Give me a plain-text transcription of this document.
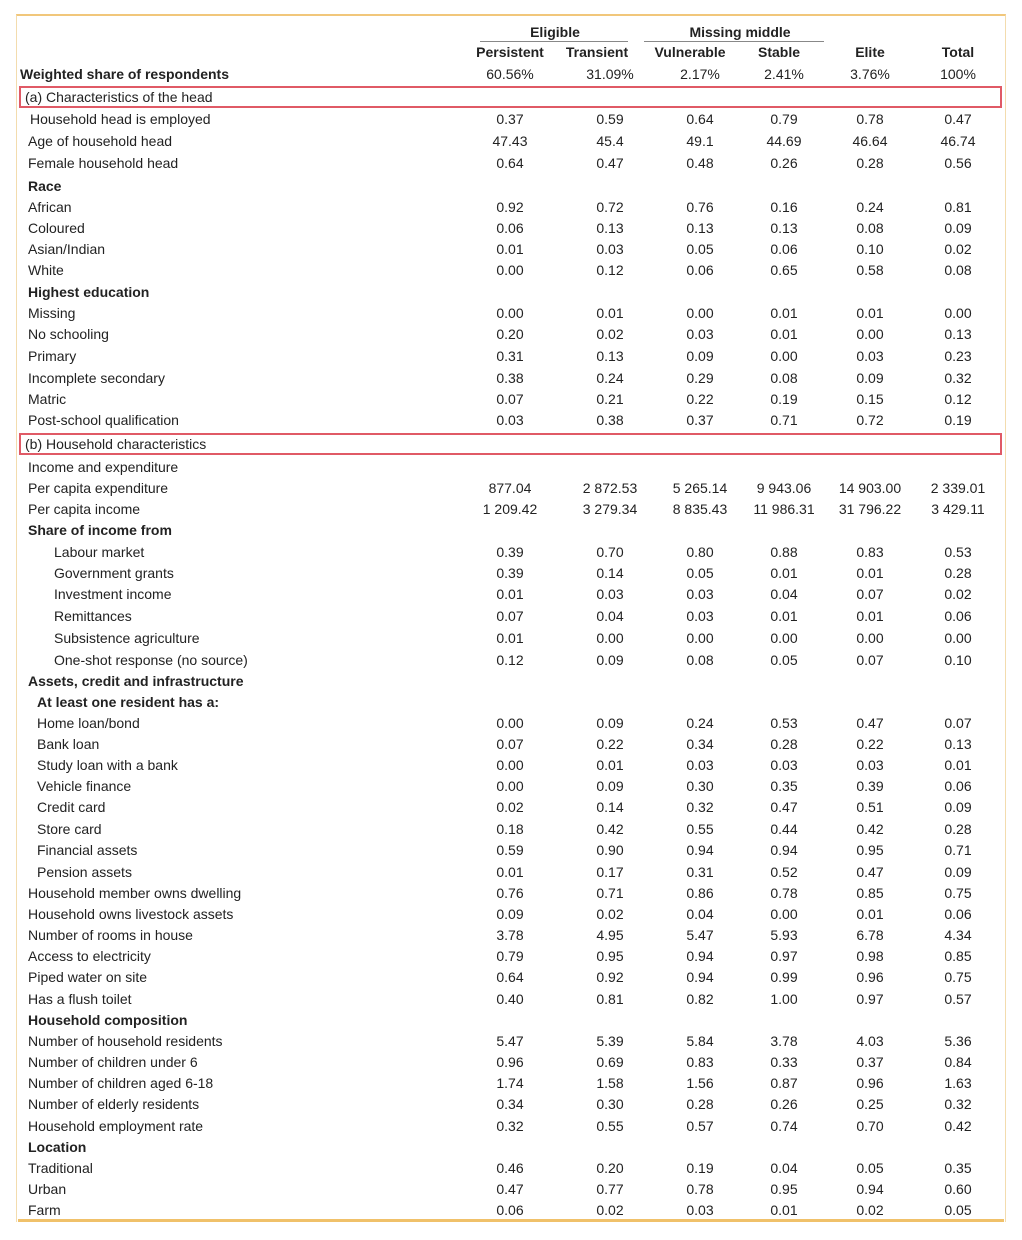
Eligible	Missing middle
Persistent	Transient	Vulnerable	Stable	Elite	Total
Weighted share of respondents	60.56%	31.09%	2.17%	2.41%	3.76%	100%
(a) Characteristics of the head
Household head is employed	0.37	0.59	0.64	0.79	0.78	0.47
Age of household head	47.43	45.4	49.1	44.69	46.64	46.74
Female household head	0.64	0.47	0.48	0.26	0.28	0.56
Race
African	0.92	0.72	0.76	0.16	0.24	0.81
Coloured	0.06	0.13	0.13	0.13	0.08	0.09
Asian/Indian	0.01	0.03	0.05	0.06	0.10	0.02
White	0.00	0.12	0.06	0.65	0.58	0.08
Highest education
Missing	0.00	0.01	0.00	0.01	0.01	0.00
No schooling	0.20	0.02	0.03	0.01	0.00	0.13
Primary	0.31	0.13	0.09	0.00	0.03	0.23
Incomplete secondary	0.38	0.24	0.29	0.08	0.09	0.32
Matric	0.07	0.21	0.22	0.19	0.15	0.12
Post-school qualification	0.03	0.38	0.37	0.71	0.72	0.19
(b) Household characteristics
Income and expenditure
Per capita expenditure	877.04	2 872.53	5 265.14	9 943.06	14 903.00	2 339.01
Per capita income	1 209.42	3 279.34	8 835.43	11 986.31	31 796.22	3 429.11
Share of income from
Labour market	0.39	0.70	0.80	0.88	0.83	0.53
Government grants	0.39	0.14	0.05	0.01	0.01	0.28
Investment income	0.01	0.03	0.03	0.04	0.07	0.02
Remittances	0.07	0.04	0.03	0.01	0.01	0.06
Subsistence agriculture	0.01	0.00	0.00	0.00	0.00	0.00
One-shot response (no source)	0.12	0.09	0.08	0.05	0.07	0.10
Assets, credit and infrastructure
At least one resident has a:
Home loan/bond	0.00	0.09	0.24	0.53	0.47	0.07
Bank loan	0.07	0.22	0.34	0.28	0.22	0.13
Study loan with a bank	0.00	0.01	0.03	0.03	0.03	0.01
Vehicle finance	0.00	0.09	0.30	0.35	0.39	0.06
Credit card	0.02	0.14	0.32	0.47	0.51	0.09
Store card	0.18	0.42	0.55	0.44	0.42	0.28
Financial assets	0.59	0.90	0.94	0.94	0.95	0.71
Pension assets	0.01	0.17	0.31	0.52	0.47	0.09
Household member owns dwelling	0.76	0.71	0.86	0.78	0.85	0.75
Household owns livestock assets	0.09	0.02	0.04	0.00	0.01	0.06
Number of rooms in house	3.78	4.95	5.47	5.93	6.78	4.34
Access to electricity	0.79	0.95	0.94	0.97	0.98	0.85
Piped water on site	0.64	0.92	0.94	0.99	0.96	0.75
Has a flush toilet	0.40	0.81	0.82	1.00	0.97	0.57
Household composition
Number of household residents	5.47	5.39	5.84	3.78	4.03	5.36
Number of children under 6	0.96	0.69	0.83	0.33	0.37	0.84
Number of children aged 6-18	1.74	1.58	1.56	0.87	0.96	1.63
Number of elderly residents	0.34	0.30	0.28	0.26	0.25	0.32
Household employment rate	0.32	0.55	0.57	0.74	0.70	0.42
Location
Traditional	0.46	0.20	0.19	0.04	0.05	0.35
Urban	0.47	0.77	0.78	0.95	0.94	0.60
Farm	0.06	0.02	0.03	0.01	0.02	0.05
